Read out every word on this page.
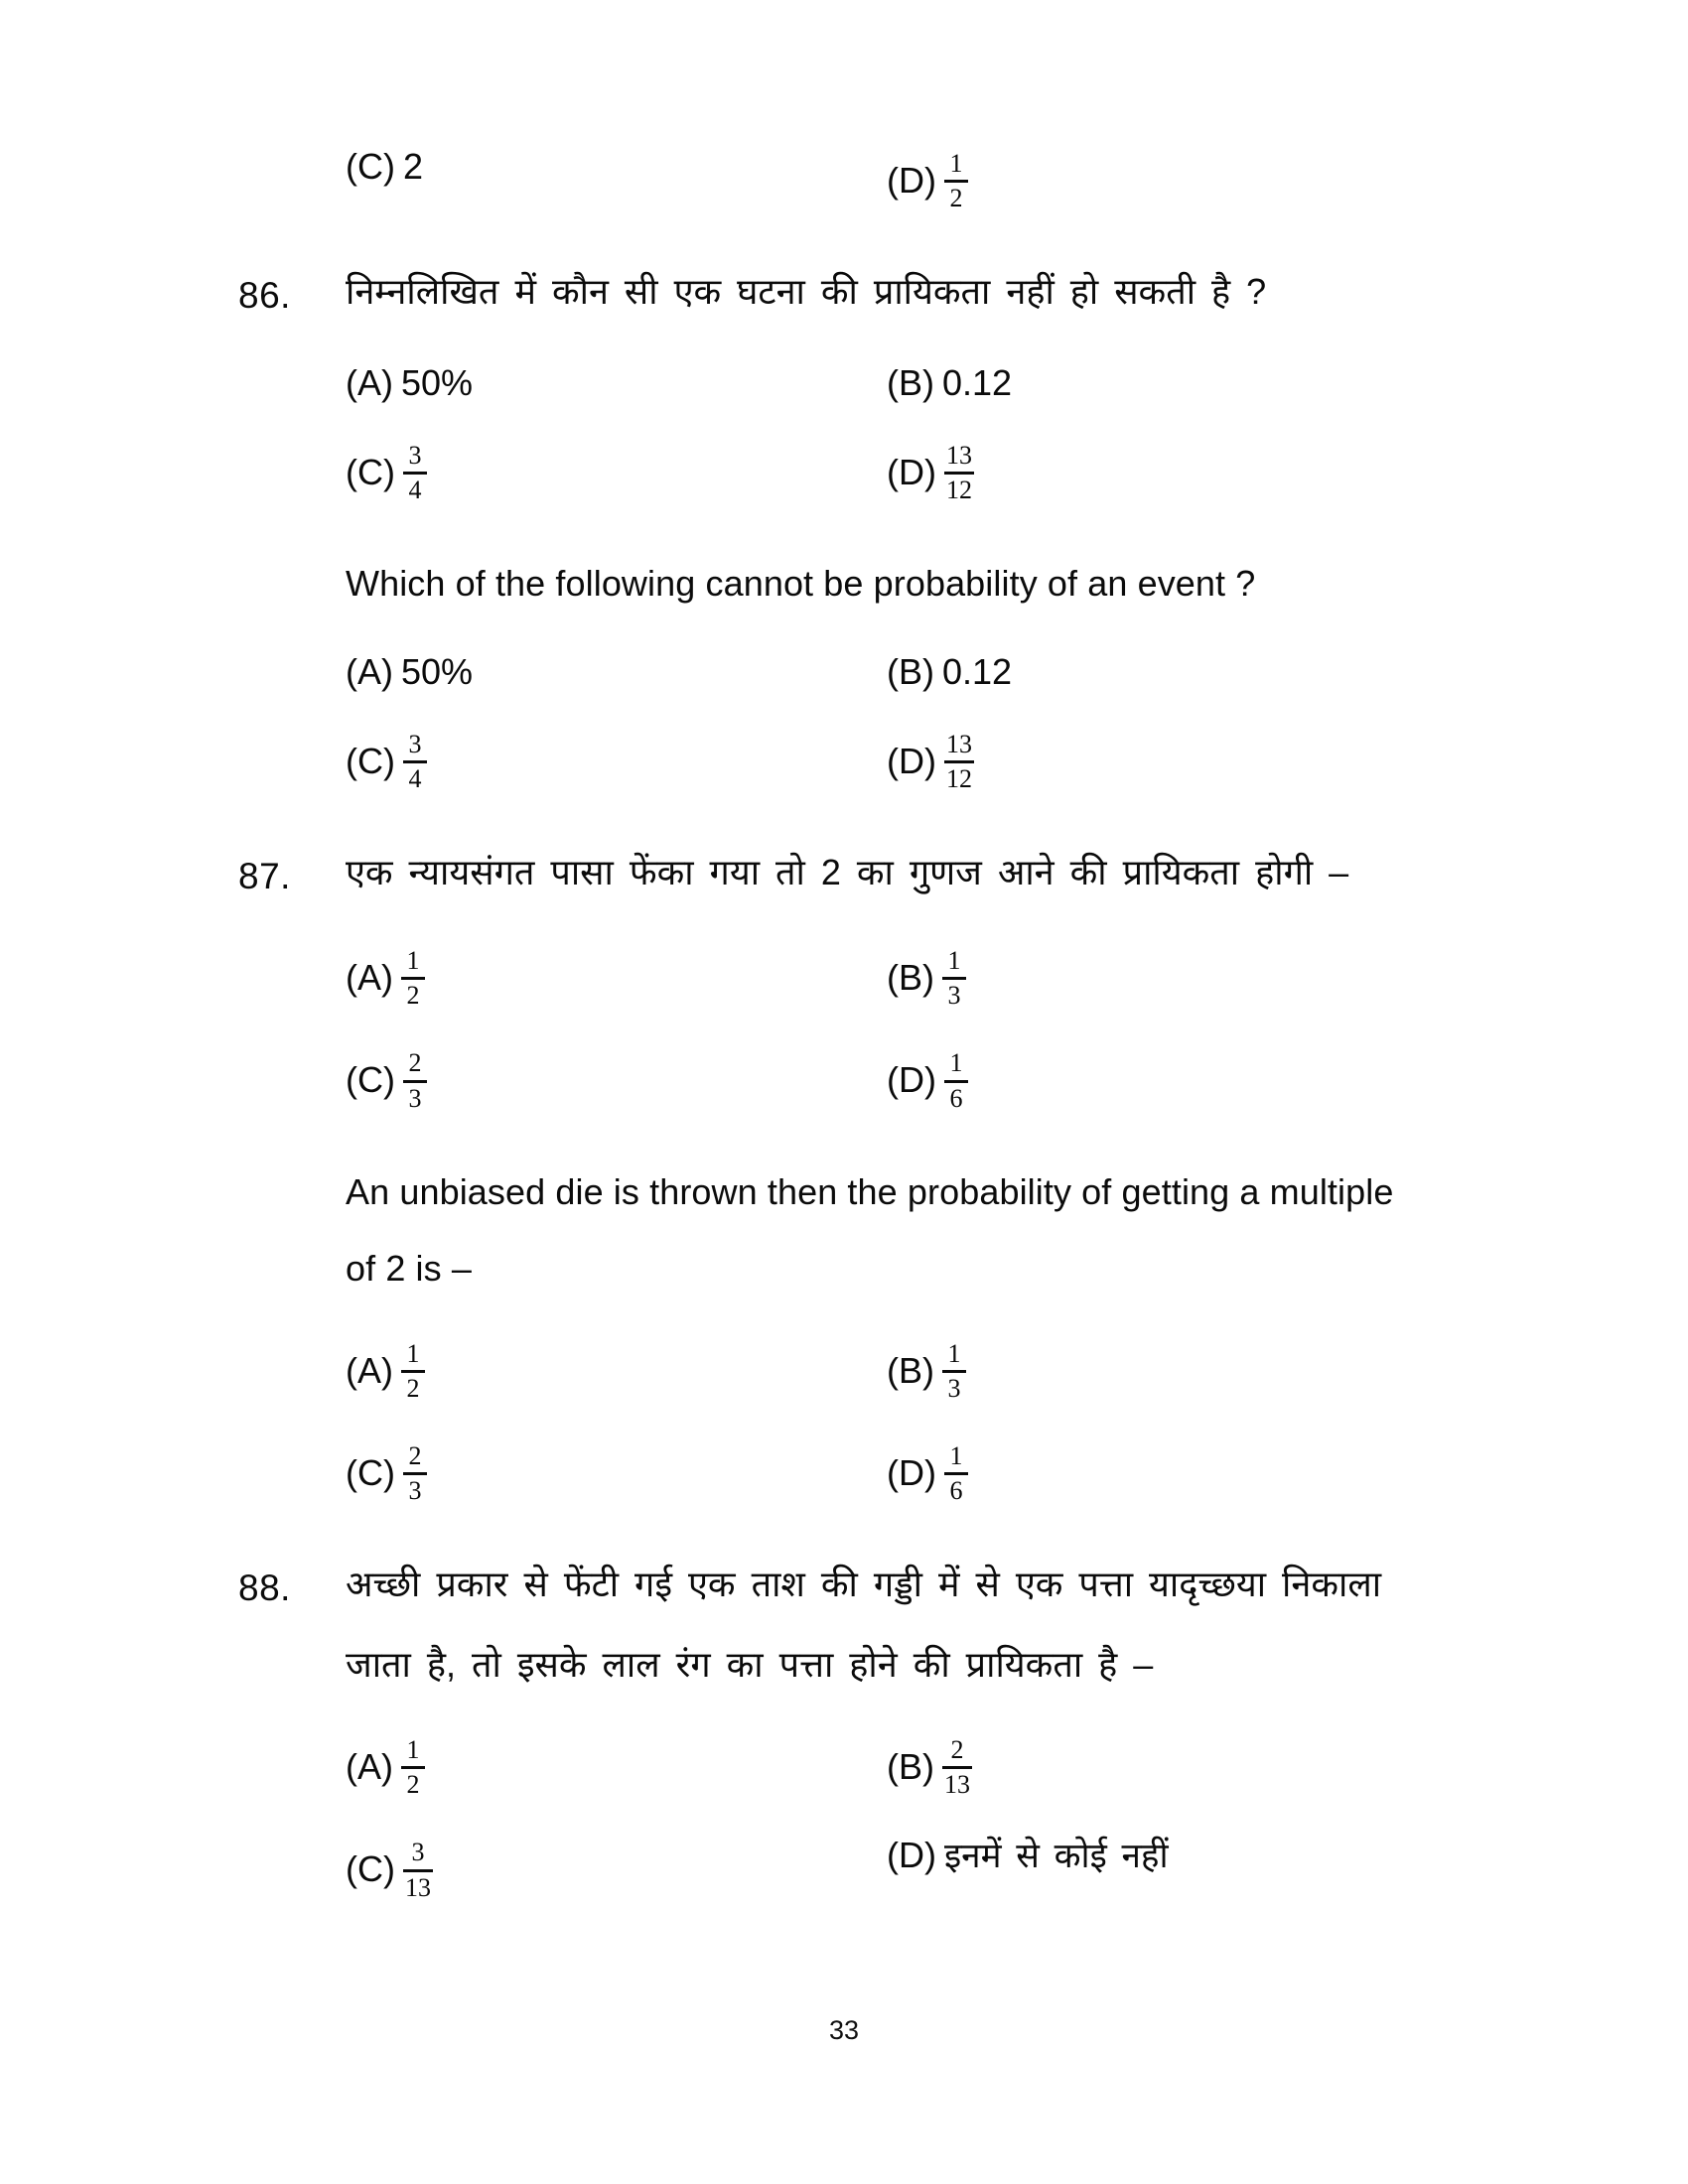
(C) 2	$(D) \frac{1}{2}$
86.	निम्नलिखित में कौन सी एक घटना की प्रायिकता नहीं हो सकती है ?
(A) 50%	(B) 0.12
$(C) \frac{3}{4}$	$(D) \frac{13}{12}$
Which of the following cannot be probability of an event ?
(A) 50%	(B) 0.12
$(C) \frac{3}{4}$	$(D) \frac{13}{12}$
87.	एक न्यायसंगत पासा फेंका गया तो 2 का गुणज आने की प्रायिकता होगी –
$(A) \frac{1}{2}$	$(B) \frac{1}{3}$
$(C) \frac{2}{3}$	$(D) \frac{1}{6}$
An unbiased die is thrown then the probability of getting a multiple
of 2 is –
$(A) \frac{1}{2}$	$(B) \frac{1}{3}$
$(C) \frac{2}{3}$	$(D) \frac{1}{6}$
88.	अच्छी प्रकार से फेंटी गई एक ताश की गड्डी में से एक पत्ता यादृच्छया निकाला
जाता है, तो इसके लाल रंग का पत्ता होने की प्रायिकता है –
$(A) \frac{1}{2}$	$(B) \frac{2}{13}$
$(C) \frac{3}{13}$	(D) इनमें से कोई नहीं
33
